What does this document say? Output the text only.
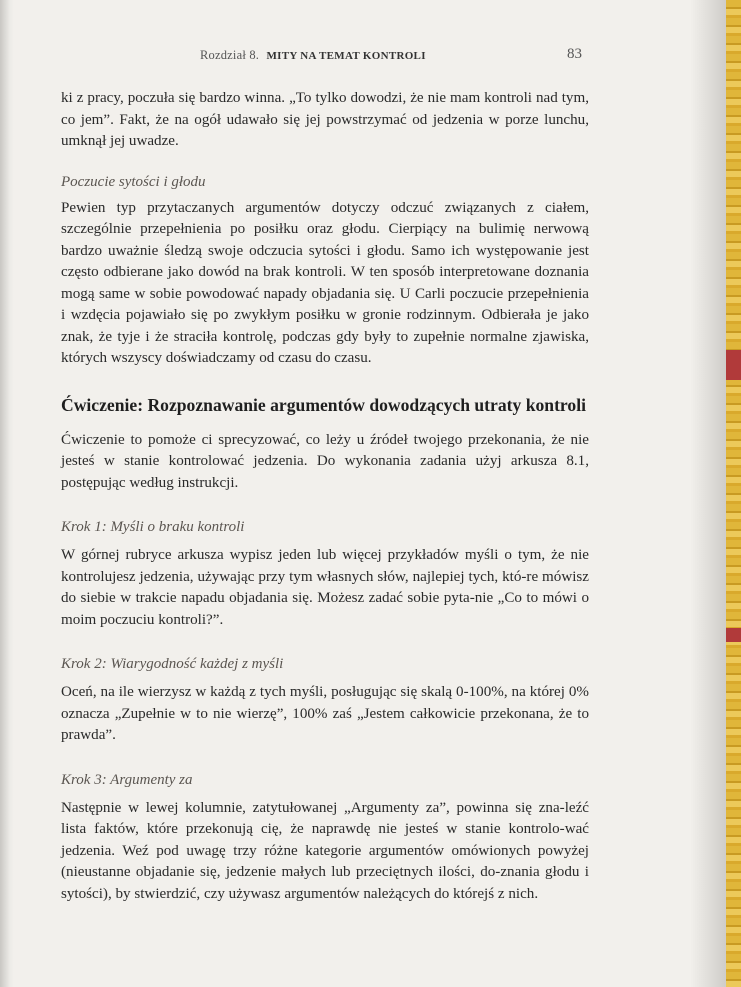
Rozdział 8. MITY NA TEMAT KONTROLI	83

ki z pracy, poczuła się bardzo winna. „To tylko dowodzi, że nie mam kontroli nad tym, co jem”. Fakt, że na ogół udawało się jej powstrzymać od jedzenia w porze lunchu, umknął jej uwadze.

Poczucie sytości i głodu

Pewien typ przytaczanych argumentów dotyczy odczuć związanych z ciałem, szczególnie przepełnienia po posiłku oraz głodu. Cierpiący na bulimię nerwową bardzo uważnie śledzą swoje odczucia sytości i głodu. Samo ich występowanie jest często odbierane jako dowód na brak kontroli. W ten sposób interpretowane doznania mogą same w sobie powodować napady objadania się. U Carli poczucie przepełnienia i wzdęcia pojawiało się po zwykłym posiłku w gronie rodzinnym. Odbierała je jako znak, że tyje i że straciła kontrolę, podczas gdy były to zupełnie normalne zjawiska, których wszyscy doświadczamy od czasu do czasu.

Ćwiczenie: Rozpoznawanie argumentów dowodzących utraty kontroli

Ćwiczenie to pomoże ci sprecyzować, co leży u źródeł twojego przekonania, że nie jesteś w stanie kontrolować jedzenia. Do wykonania zadania użyj arkusza 8.1, postępując według instrukcji.

Krok 1: Myśli o braku kontroli

W górnej rubryce arkusza wypisz jeden lub więcej przykładów myśli o tym, że nie kontrolujesz jedzenia, używając przy tym własnych słów, najlepiej tych, któ-re mówisz do siebie w trakcie napadu objadania się. Możesz zadać sobie pyta-nie „Co to mówi o moim poczuciu kontroli?”.

Krok 2: Wiarygodność każdej z myśli

Oceń, na ile wierzysz w każdą z tych myśli, posługując się skalą 0-100%, na której 0% oznacza „Zupełnie w to nie wierzę”, 100% zaś „Jestem całkowicie przekonana, że to prawda”.

Krok 3: Argumenty za

Następnie w lewej kolumnie, zatytułowanej „Argumenty za”, powinna się zna-leźć lista faktów, które przekonują cię, że naprawdę nie jesteś w stanie kontrolo-wać jedzenia. Weź pod uwagę trzy różne kategorie argumentów omówionych powyżej (nieustanne objadanie się, jedzenie małych lub przeciętnych ilości, do-znania głodu i sytości), by stwierdzić, czy używasz argumentów należących do którejś z nich.
